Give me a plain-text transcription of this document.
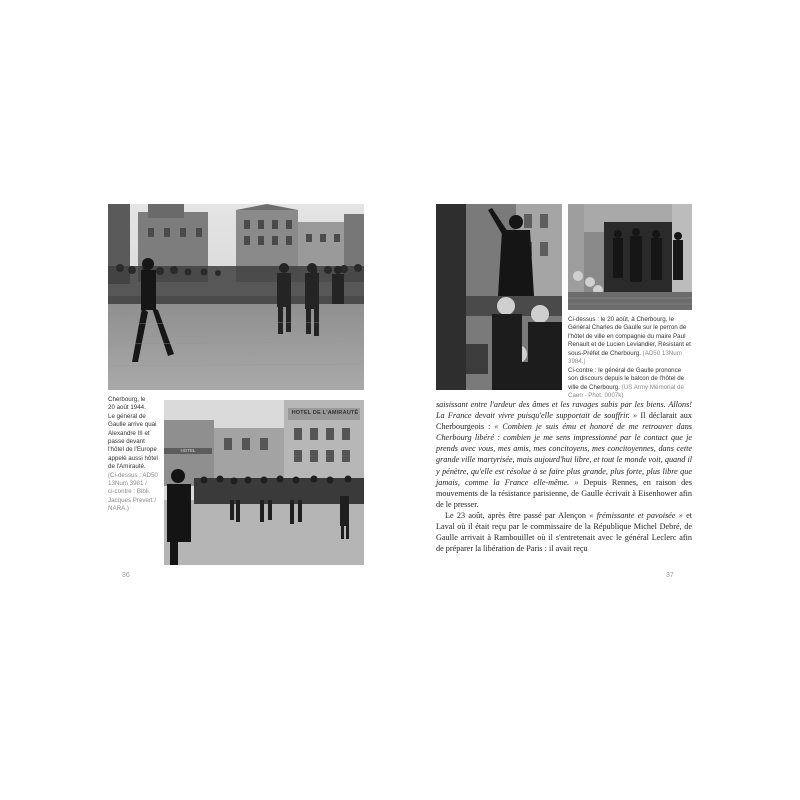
Cherbourg, le
20 août 1944.
Le général de
Gaulle arrive quai
Alexandre III et
passe devant
l'hôtel de l'Europe
appelé aussi hôtel
de l'Amirauté.
(Ci-dessus : AD50
13Num 3981 /
ci-contre : Bibli.
Jacques Prevert /
NARA.)
HOTEL DE L'AMIRAUTÉ
HOTEL
36
Ci-dessus : le 20 août, à Cherbourg, le Général Charles de Gaulle sur le perron de l'hôtel de ville en compagnie du maire Paul Renault et de Lucien Leviandier, Résistant et sous-Préfet de Cherbourg. (AD50 13Num 3984.)
Ci-contre : le général de Gaulle prononce son discours depuis le balcon de l'hôtel de ville de Cherbourg. (US Army Mémorial de Caen - Phot. 0007k)

saisissant entre l'ardeur des âmes et les ravages subis par les biens. Allons! La France devait vivre puisqu'elle supportait de souffrir. » Il déclarait aux Cherbourgeois : « Combien je suis ému et honoré de me retrouver dans Cherbourg libéré : combien je me sens impressionné par le contact que je prends avec vous, mes amis, mes concitoyens, mes concitoyennes, dans cette grande ville martyrisée, mais aujourd'hui libre, et tout le monde voit, quand il y pénètre, qu'elle est résolue à se faire plus grande, plus forte, plus libre que jamais, comme la France elle-même. » Depuis Rennes, en raison des mouvements de la résistance parisienne, de Gaulle écrivait à Eisenhower afin de le presser.

Le 23 août, après être passé par Alençon « frémissante et pavoisée » et Laval où il était reçu par le commissaire de la République Michel Debré, de Gaulle arrivait à Rambouillet où il s'entretenait avec le général Leclerc afin de préparer la libération de Paris : il avait reçu

37
